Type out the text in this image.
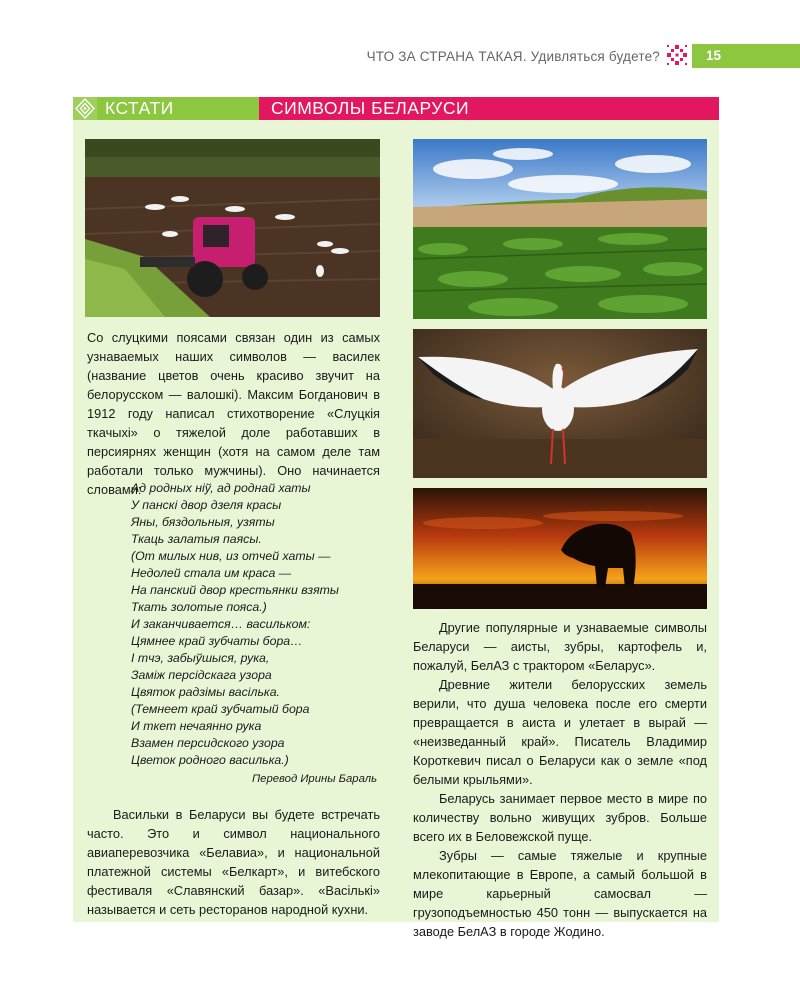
ЧТО ЗА СТРАНА ТАКАЯ. Удивляться будете?	15
КСТАТИ	СИМВОЛЫ БЕЛАРУСИ

Со слуцкими поясами связан один из самых узнаваемых наших символов — василек (название цветов очень красиво звучит на белорусском — валошкі). Максим Богданович в 1912 году написал стихотворение «Слуцкія ткачыхі» о тяжелой доле работавших в персиярнях женщин (хотя на самом деле там работали только мужчины). Оно начинается словами:

Ад родных ніў, ад роднай хаты
У панскі двор дзеля красы
Яны, бяздольныя, узяты
Ткаць залатыя паясы.
(От милых нив, из отчей хаты —
Недолей стала им краса —
На панский двор крестьянки взяты
Ткать золотые пояса.)
И заканчивается… васильком:
Цямнее край зубчаты бора…
І тчэ, забыўшыся, рука,
Заміж персідскага узора
Цвяток радзімы васілька.
(Темнеет край зубчатый бора
И ткет нечаянно рука
Взамен персидского узора
Цветок родного василька.)
Перевод Ирины Бараль

Васильки в Беларуси вы будете встречать часто. Это и символ национального авиаперевозчика «Белавиа», и национальной платежной системы «Белкарт», и витебского фестиваля «Славянский базар». «Васількі» называется и сеть ресторанов народной кухни.

Другие популярные и узнаваемые символы Беларуси — аисты, зубры, картофель и, пожалуй, БелАЗ с трактором «Беларус».

Древние жители белорусских земель верили, что душа человека после его смерти превращается в аиста и улетает в вырай — «неизведанный край». Писатель Владимир Короткевич писал о Беларуси как о земле «под белыми крыльями».

Беларусь занимает первое место в мире по количеству вольно живущих зубров. Больше всего их в Беловежской пуще.

Зубры — самые тяжелые и крупные млекопитающие в Европе, а самый большой в мире карьерный самосвал — грузоподъемностью 450 тонн — выпускается на заводе БелАЗ в городе Жодино.
